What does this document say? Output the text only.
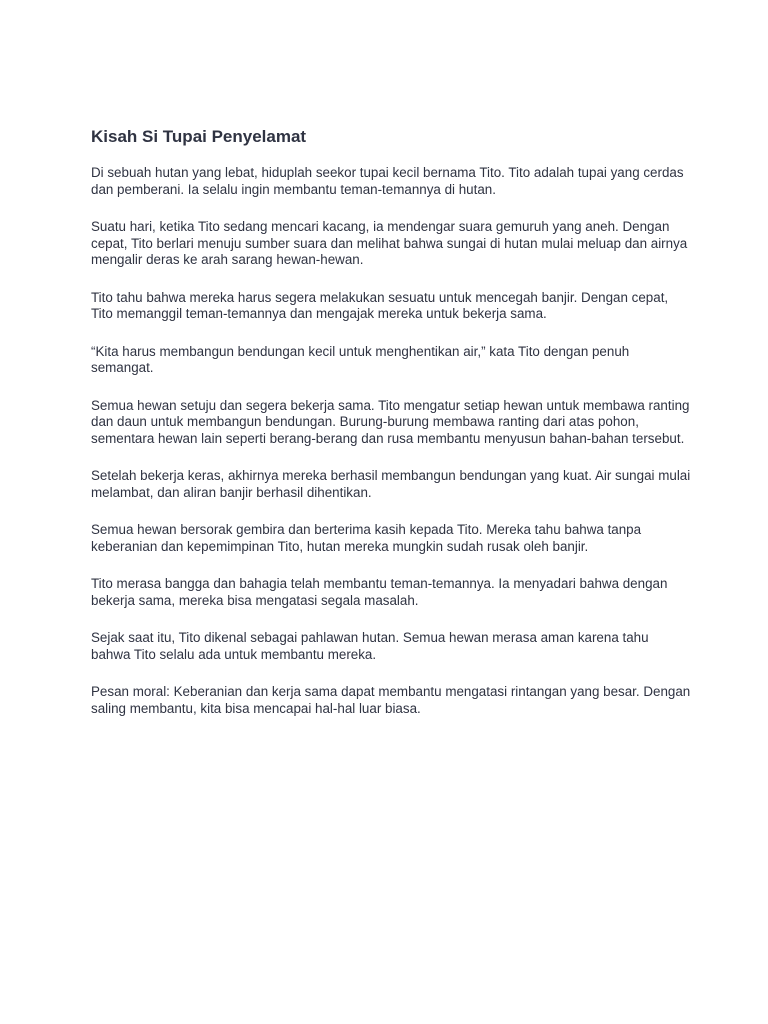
Kisah Si Tupai Penyelamat

Di sebuah hutan yang lebat, hiduplah seekor tupai kecil bernama Tito. Tito adalah tupai yang cerdas dan pemberani. Ia selalu ingin membantu teman-temannya di hutan.

Suatu hari, ketika Tito sedang mencari kacang, ia mendengar suara gemuruh yang aneh. Dengan cepat, Tito berlari menuju sumber suara dan melihat bahwa sungai di hutan mulai meluap dan airnya mengalir deras ke arah sarang hewan-hewan.

Tito tahu bahwa mereka harus segera melakukan sesuatu untuk mencegah banjir. Dengan cepat, Tito memanggil teman-temannya dan mengajak mereka untuk bekerja sama.

“Kita harus membangun bendungan kecil untuk menghentikan air,” kata Tito dengan penuh semangat.

Semua hewan setuju dan segera bekerja sama. Tito mengatur setiap hewan untuk membawa ranting dan daun untuk membangun bendungan. Burung-burung membawa ranting dari atas pohon, sementara hewan lain seperti berang-berang dan rusa membantu menyusun bahan-bahan tersebut.

Setelah bekerja keras, akhirnya mereka berhasil membangun bendungan yang kuat. Air sungai mulai melambat, dan aliran banjir berhasil dihentikan.

Semua hewan bersorak gembira dan berterima kasih kepada Tito. Mereka tahu bahwa tanpa keberanian dan kepemimpinan Tito, hutan mereka mungkin sudah rusak oleh banjir.

Tito merasa bangga dan bahagia telah membantu teman-temannya. Ia menyadari bahwa dengan bekerja sama, mereka bisa mengatasi segala masalah.

Sejak saat itu, Tito dikenal sebagai pahlawan hutan. Semua hewan merasa aman karena tahu bahwa Tito selalu ada untuk membantu mereka.

Pesan moral: Keberanian dan kerja sama dapat membantu mengatasi rintangan yang besar. Dengan saling membantu, kita bisa mencapai hal-hal luar biasa.
